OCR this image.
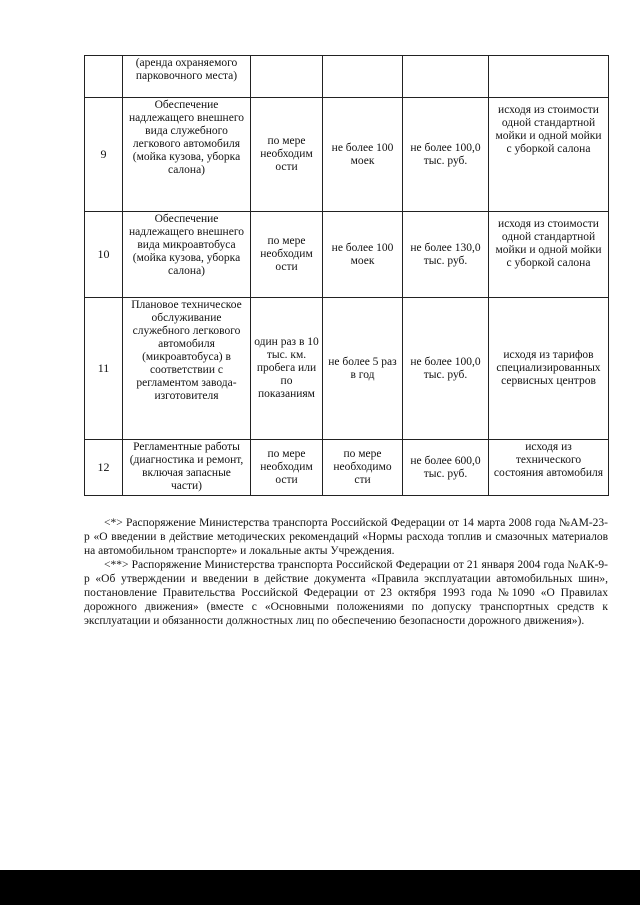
	(аренда охраняемого парковочного места)				
9	Обеспечение надлежащего внешнего вида служебного легкового автомобиля (мойка кузова, уборка салона)	по мере необходим ости	не более 100 моек	не более 100,0 тыс. руб.	исходя из стоимости одной стандартной мойки и одной мойки с уборкой салона
10	Обеспечение надлежащего внешнего вида микроавтобуса (мойка кузова, уборка салона)	по мере необходим ости	не более 100 моек	не более 130,0 тыс. руб.	исходя из стоимости одной стандартной мойки и одной мойки с уборкой салона
11	Плановое техническое обслуживание служебного легкового автомобиля (микроавтобуса) в соответствии с регламентом завода-изготовителя	один раз в 10 тыс. км. пробега или по показаниям	не более 5 раз в год	не более 100,0 тыс. руб.	исходя из тарифов специализированных сервисных центров
12	Регламентные работы (диагностика и ремонт, включая запасные части)	по мере необходим ости	по мере необходимо сти	не более 600,0 тыс. руб.	исходя из технического состояния автомобиля

<*> Распоряжение Министерства транспорта Российской Федерации от 14 марта 2008 года №АМ-23-р «О введении в действие методических рекомендаций «Нормы расхода топлив и смазочных материалов на автомобильном транспорте» и локальные акты Учреждения.

<**> Распоряжение Министерства транспорта Российской Федерации от 21 января 2004 года №АК-9-р «Об утверждении и введении в действие документа «Правила эксплуатации автомобильных шин», постановление Правительства Российской Федерации от 23 октября 1993 года №1090 «О Правилах дорожного движения» (вместе с «Основными положениями по допуску транспортных средств к эксплуатации и обязанности должностных лиц по обеспечению безопасности дорожного движения»).
